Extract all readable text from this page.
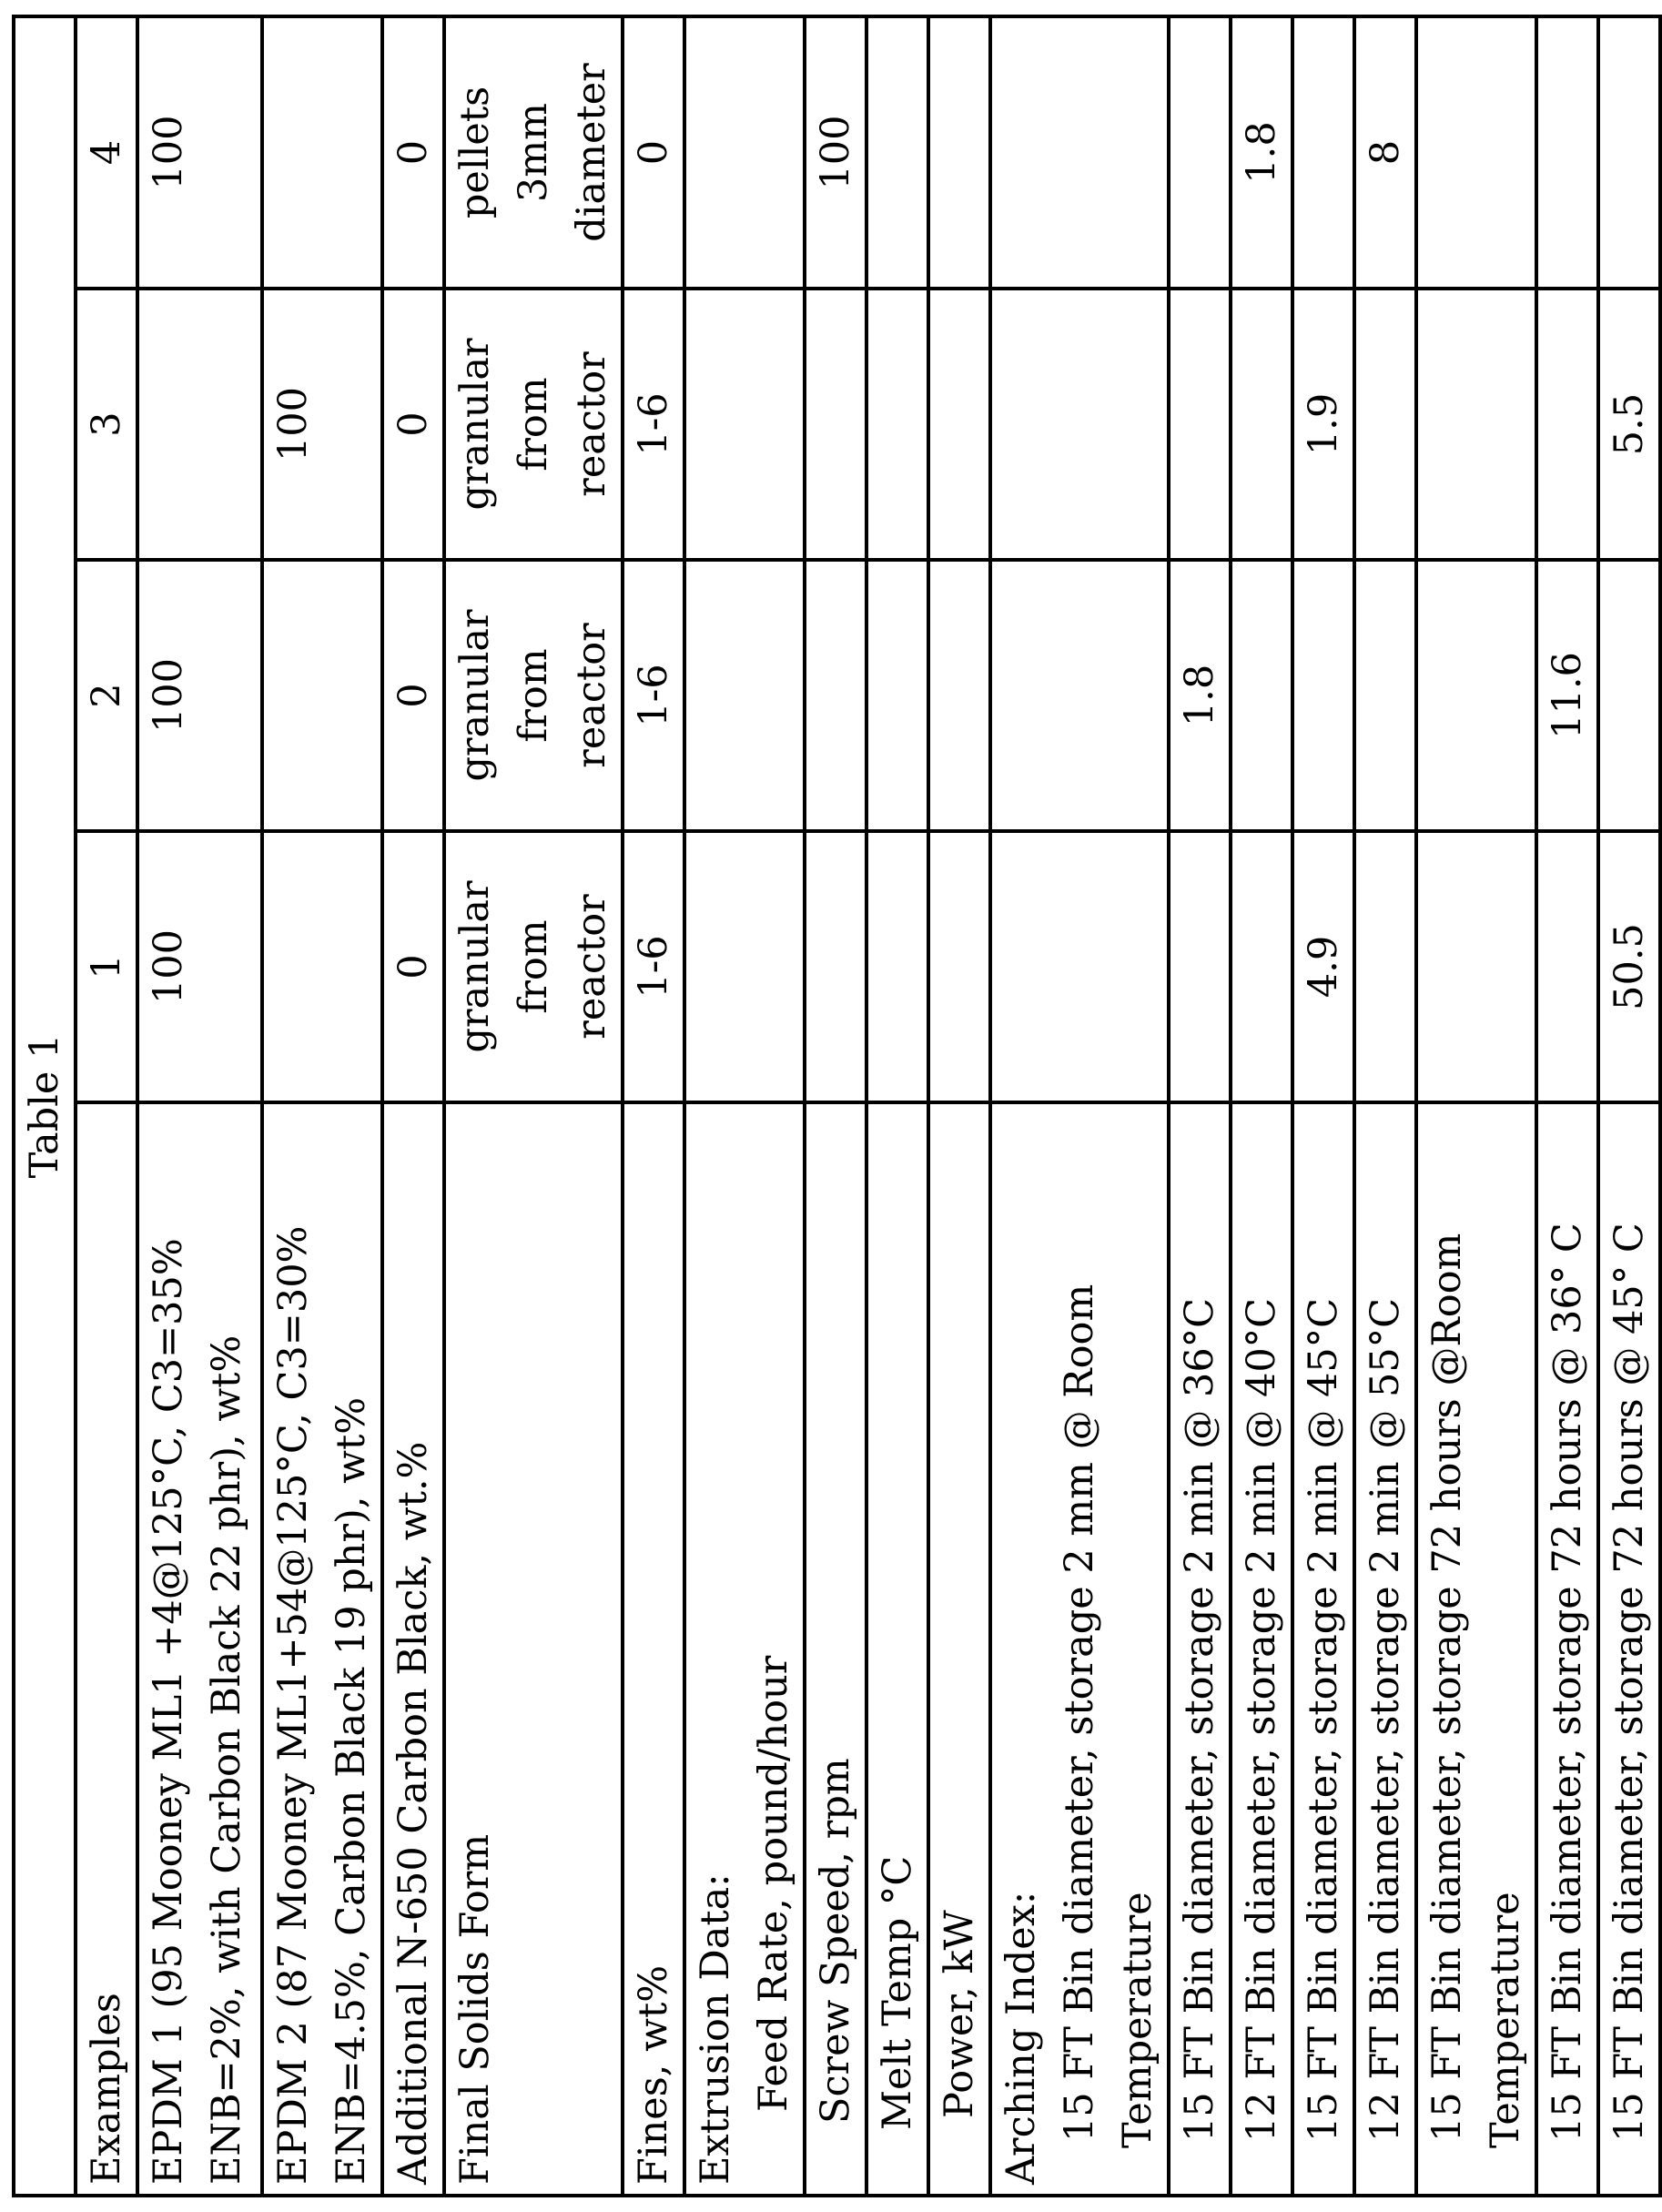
Table 1

Examples
	1	2	3	4

EPDM 1 (95 Mooney ML1 +4@125°C, C3=35% ENB=2%, with Carbon Black 22 phr), wt%
	100	100		100

EPDM 2 (87 Mooney ML1+54@125°C, C3=30% ENB=4.5%, Carbon Black 19 phr), wt%
			100	

Additional N-650 Carbon Black, wt.%
	0	0	0	0

Final Solids Form
	granular
from
reactor	granular
from
reactor	granular
from
reactor	pellets
3mm
diameter

Fines, wt%
	1-6	1-6	1-6	0

Extrusion Data: Feed Rate, pound/hour				Screw Speed, rpm
				100

Melt Temp °C				Power, kW				Arching Index: 15 FT Bin diameter, storage 2 mm @ Room Temperature				15 FT Bin diameter, storage 2 min @ 36°C
		1.8		

12 FT Bin diameter, storage 2 min @ 40°C
				1.8

15 FT Bin diameter, storage 2 min @ 45°C
	4.9		1.9	

12 FT Bin diameter, storage 2 min @ 55°C
				8

15 FT Bin diameter, storage 72 hours @Room Temperature				15 FT Bin diameter, storage 72 hours @ 36° C
		11.6		

15 FT Bin diameter, storage 72 hours @ 45° C
	50.5		5.5	
